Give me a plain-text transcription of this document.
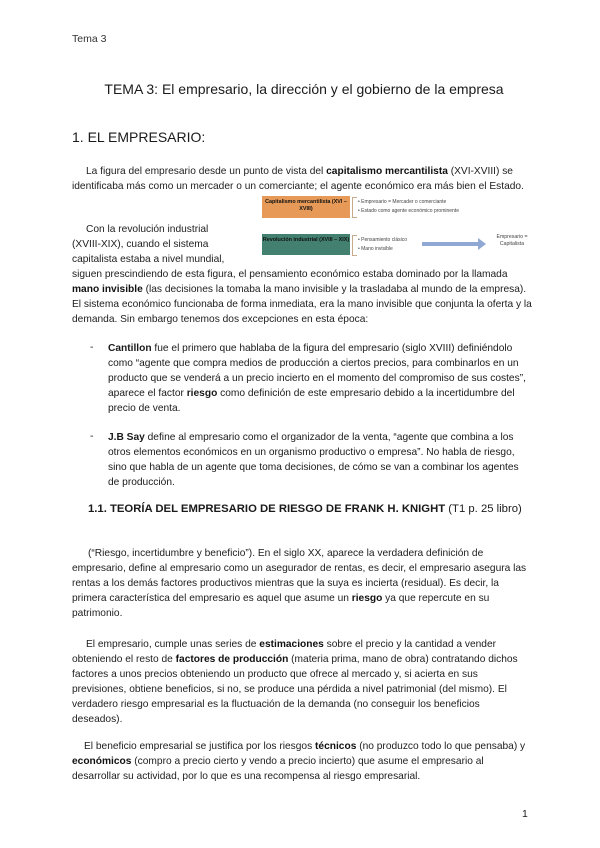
Tema 3
TEMA 3: El empresario, la dirección y el gobierno de la empresa
1. EL EMPRESARIO:
La figura del empresario desde un punto de vista del capitalismo mercantilista (XVI-XVIII) se identificaba más como un mercader o un comerciante; el agente económico era más bien el Estado.
Capitalismo mercantilista (XVI – XVIII)
• Empresario = Mercader o comerciante
• Estado como agente económico prominente
Revolución industrial (XVIII – XIX)
•	Pensamiento clásico
• Mano invisible
Empresario = Capitalista
Con la revolución industrial
(XVIII-XIX), cuando el sistema
capitalista estaba a nivel mundial,
siguen prescindiendo de esta figura, el pensamiento económico estaba dominado por la llamada mano invisible (las decisiones la tomaba la mano invisible y la trasladaba al mundo de la empresa). El sistema económico funcionaba de forma inmediata, era la mano invisible que conjunta la oferta y la demanda. Sin embargo tenemos dos excepciones en esta época:
- Cantillon fue el primero que hablaba de la figura del empresario (siglo XVIII) definiéndolo como “agente que compra medios de producción a ciertos precios, para combinarlos en un producto que se venderá a un precio incierto en el momento del compromiso de sus costes”, aparece el factor riesgo como definición de este empresario debido a la incertidumbre del precio de venta.
- J.B Say define al empresario como el organizador de la venta, “agente que combina a los otros elementos económicos en un organismo productivo o empresa”. No habla de riesgo, sino que habla de un agente que toma decisiones, de cómo se van a combinar los agentes de producción.
1.1. TEORÍA DEL EMPRESARIO DE RIESGO DE FRANK H. KNIGHT (T1 p. 25 libro)
(“Riesgo, incertidumbre y beneficio”). En el siglo XX, aparece la verdadera definición de empresario, define al empresario como un asegurador de rentas, es decir, el empresario asegura las rentas a los demás factores productivos mientras que la suya es incierta (residual). Es decir, la primera característica del empresario es aquel que asume un riesgo ya que repercute en su patrimonio.
El empresario, cumple unas series de estimaciones sobre el precio y la cantidad a vender obteniendo el resto de factores de producción (materia prima, mano de obra) contratando dichos factores a unos precios obteniendo un producto que ofrece al mercado y, si acierta en sus previsiones, obtiene beneficios, si no, se produce una pérdida a nivel patrimonial (del mismo). El verdadero riesgo empresarial es la fluctuación de la demanda (no conseguir los beneficios deseados).
El beneficio empresarial se justifica por los riesgos técnicos (no produzco todo lo que pensaba) y económicos (compro a precio cierto y vendo a precio incierto) que asume el empresario al desarrollar su actividad, por lo que es una recompensa al riesgo empresarial.
1
